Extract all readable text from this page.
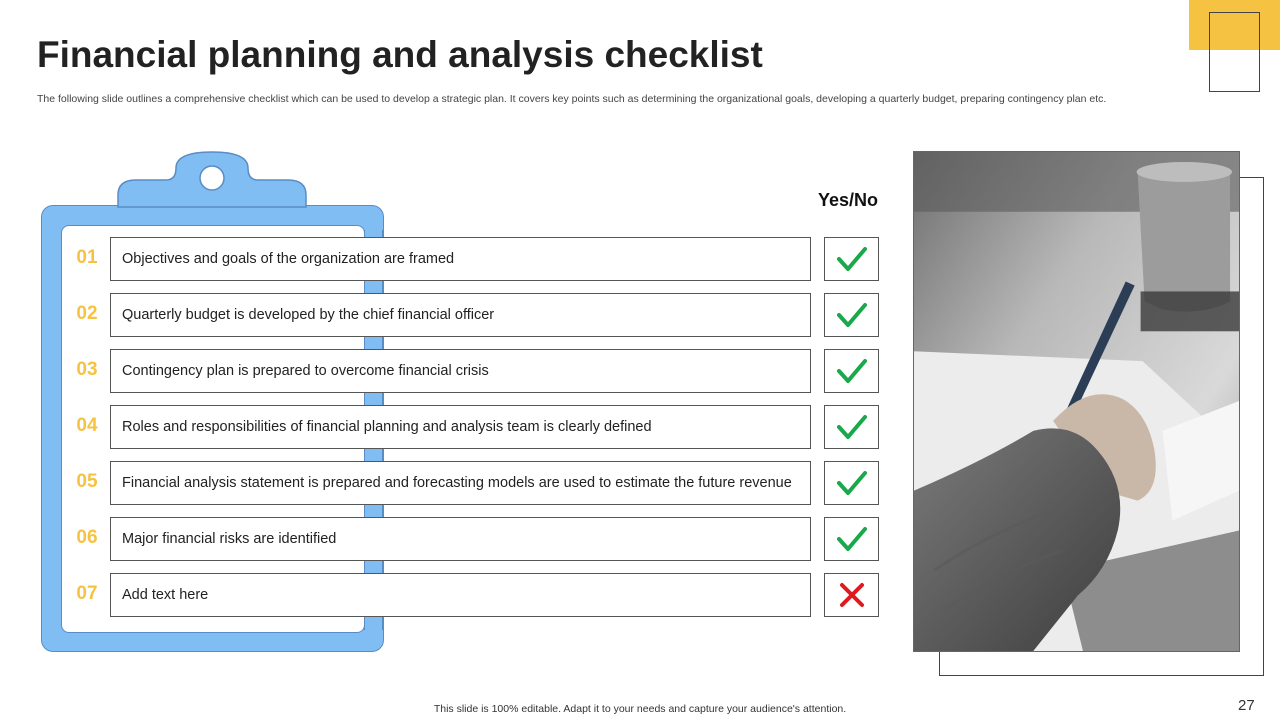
Financial planning and analysis checklist

The following slide outlines a comprehensive checklist which can be used to develop a strategic plan. It covers key points such as determining the organizational goals, developing a quarterly budget, preparing contingency plan etc.

Yes/No
01	Objectives and goals of the organization are framed
02	Quarterly budget is developed by the chief financial officer
03	Contingency plan is prepared to overcome financial crisis
04	Roles and responsibilities of financial planning and analysis team is clearly defined
05	Financial analysis statement is prepared and forecasting models are used to estimate the future revenue
06	Major financial risks are identified
07	Add text here
This slide is 100% editable. Adapt it to your needs and capture your audience's attention.	27
